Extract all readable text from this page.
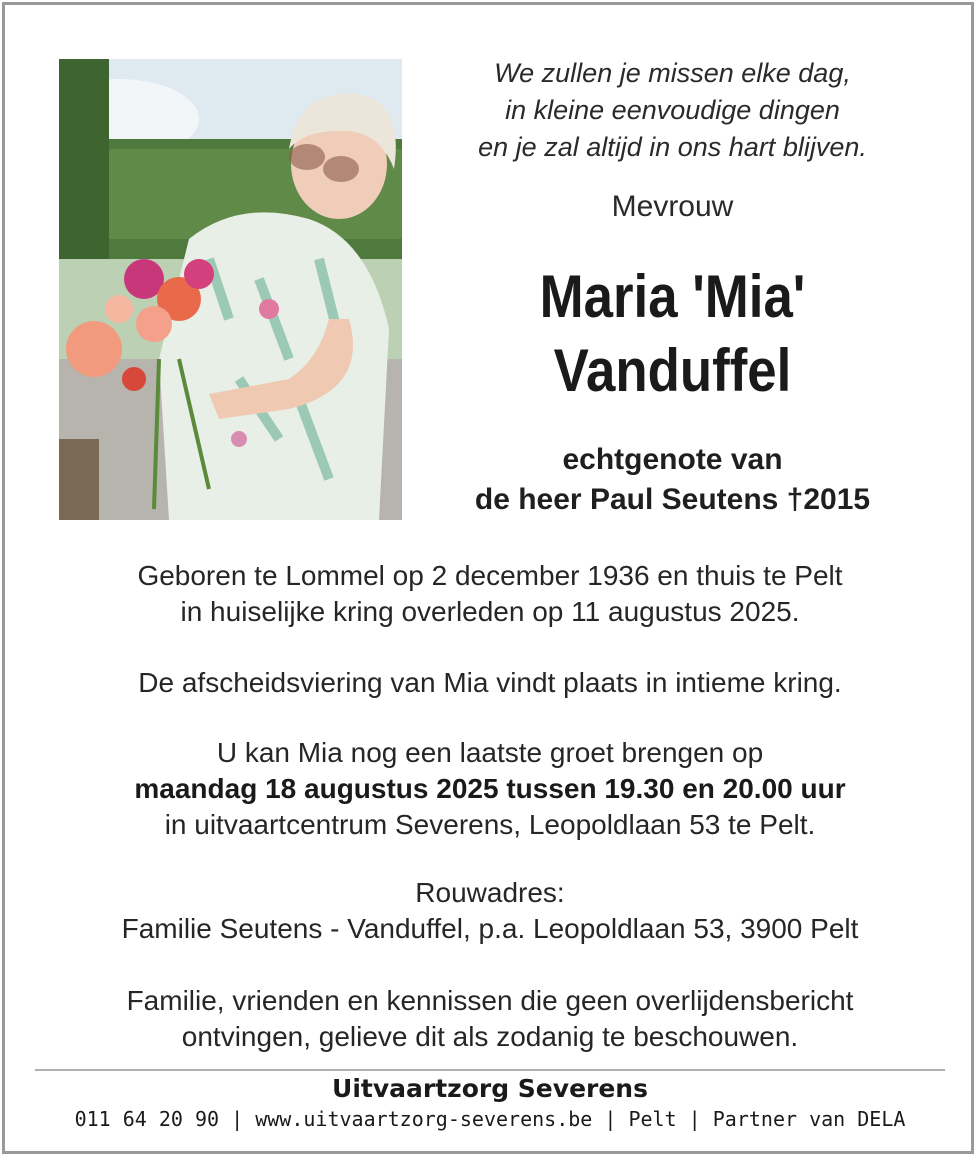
We zullen je missen elke dag,
in kleine eenvoudige dingen
en je zal altijd in ons hart blijven.
Mevrouw
Maria 'Mia'
Vanduffel
echtgenote van
de heer Paul Seutens †2015
Geboren te Lommel op 2 december 1936 en thuis te Pelt
in huiselijke kring overleden op 11 augustus 2025.
De afscheidsviering van Mia vindt plaats in intieme kring.
U kan Mia nog een laatste groet brengen op
maandag 18 augustus 2025 tussen 19.30 en 20.00 uur
in uitvaartcentrum Severens, Leopoldlaan 53 te Pelt.
Rouwadres:
Familie Seutens - Vanduffel, p.a. Leopoldlaan 53, 3900 Pelt
Familie, vrienden en kennissen die geen overlijdensbericht
ontvingen, gelieve dit als zodanig te beschouwen.
Uitvaartzorg Severens
011 64 20 90 | www.uitvaartzorg-severens.be | Pelt | Partner van DELA
